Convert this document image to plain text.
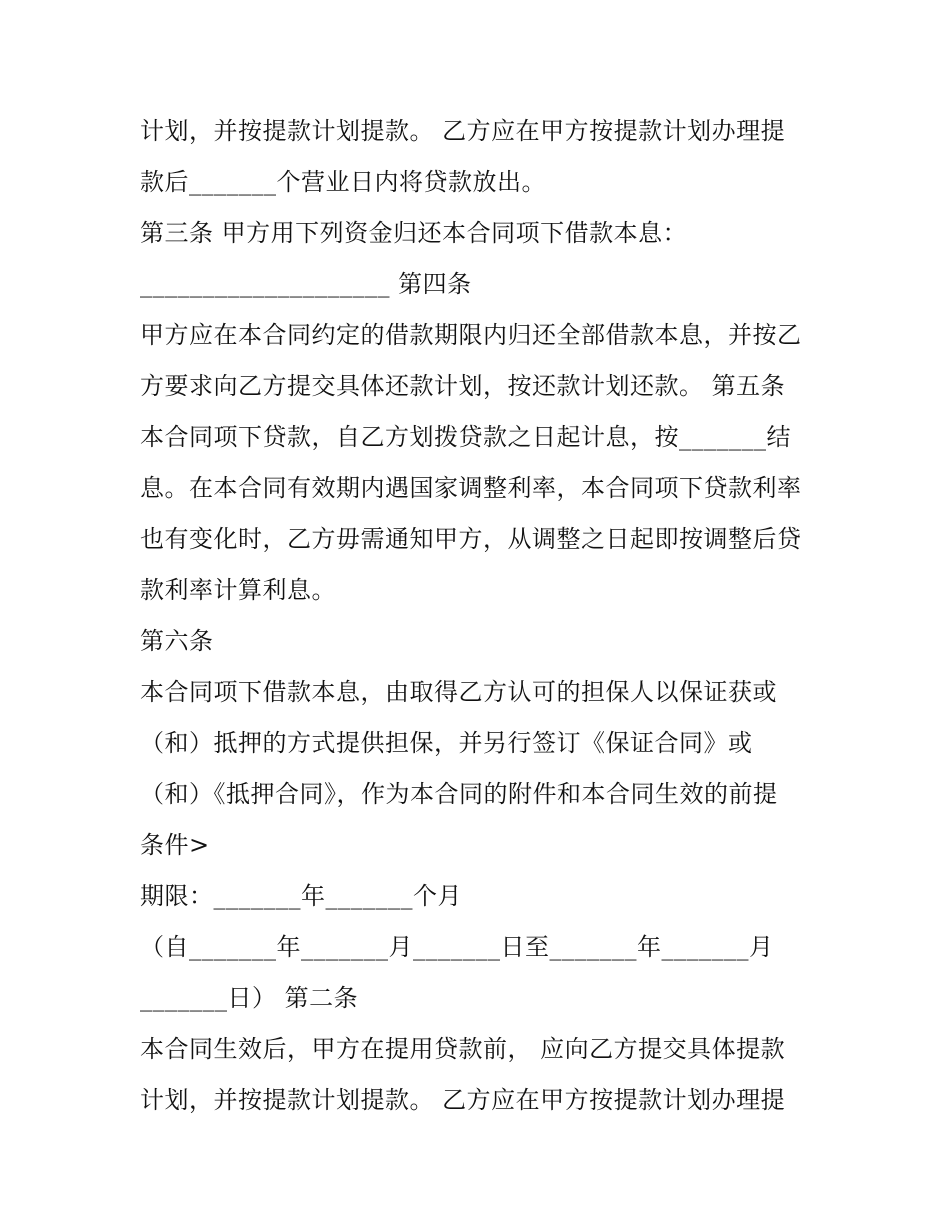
计划，并按提款计划提款。 乙方应在甲方按提款计划办理提
款后_______个营业日内将贷款放出。
第三条 甲方用下列资金归还本合同项下借款本息：
____________________ 第四条
甲方应在本合同约定的借款期限内归还全部借款本息，并按乙
方要求向乙方提交具体还款计划，按还款计划还款。 第五条
本合同项下贷款，自乙方划拨贷款之日起计息，按_______结
息。在本合同有效期内遇国家调整利率，本合同项下贷款利率
也有变化时，乙方毋需通知甲方，从调整之日起即按调整后贷
款利率计算利息。
第六条
本合同项下借款本息，由取得乙方认可的担保人以保证获或
（和）抵押的方式提供担保，并另行签订《保证合同》或
（和）《抵押合同》，作为本合同的附件和本合同生效的前提
条件>
期限：_______年_______个月
（自_______年_______月_______日至_______年_______月
_______日） 第二条
本合同生效后，甲方在提用贷款前， 应向乙方提交具体提款
计划，并按提款计划提款。 乙方应在甲方按提款计划办理提
